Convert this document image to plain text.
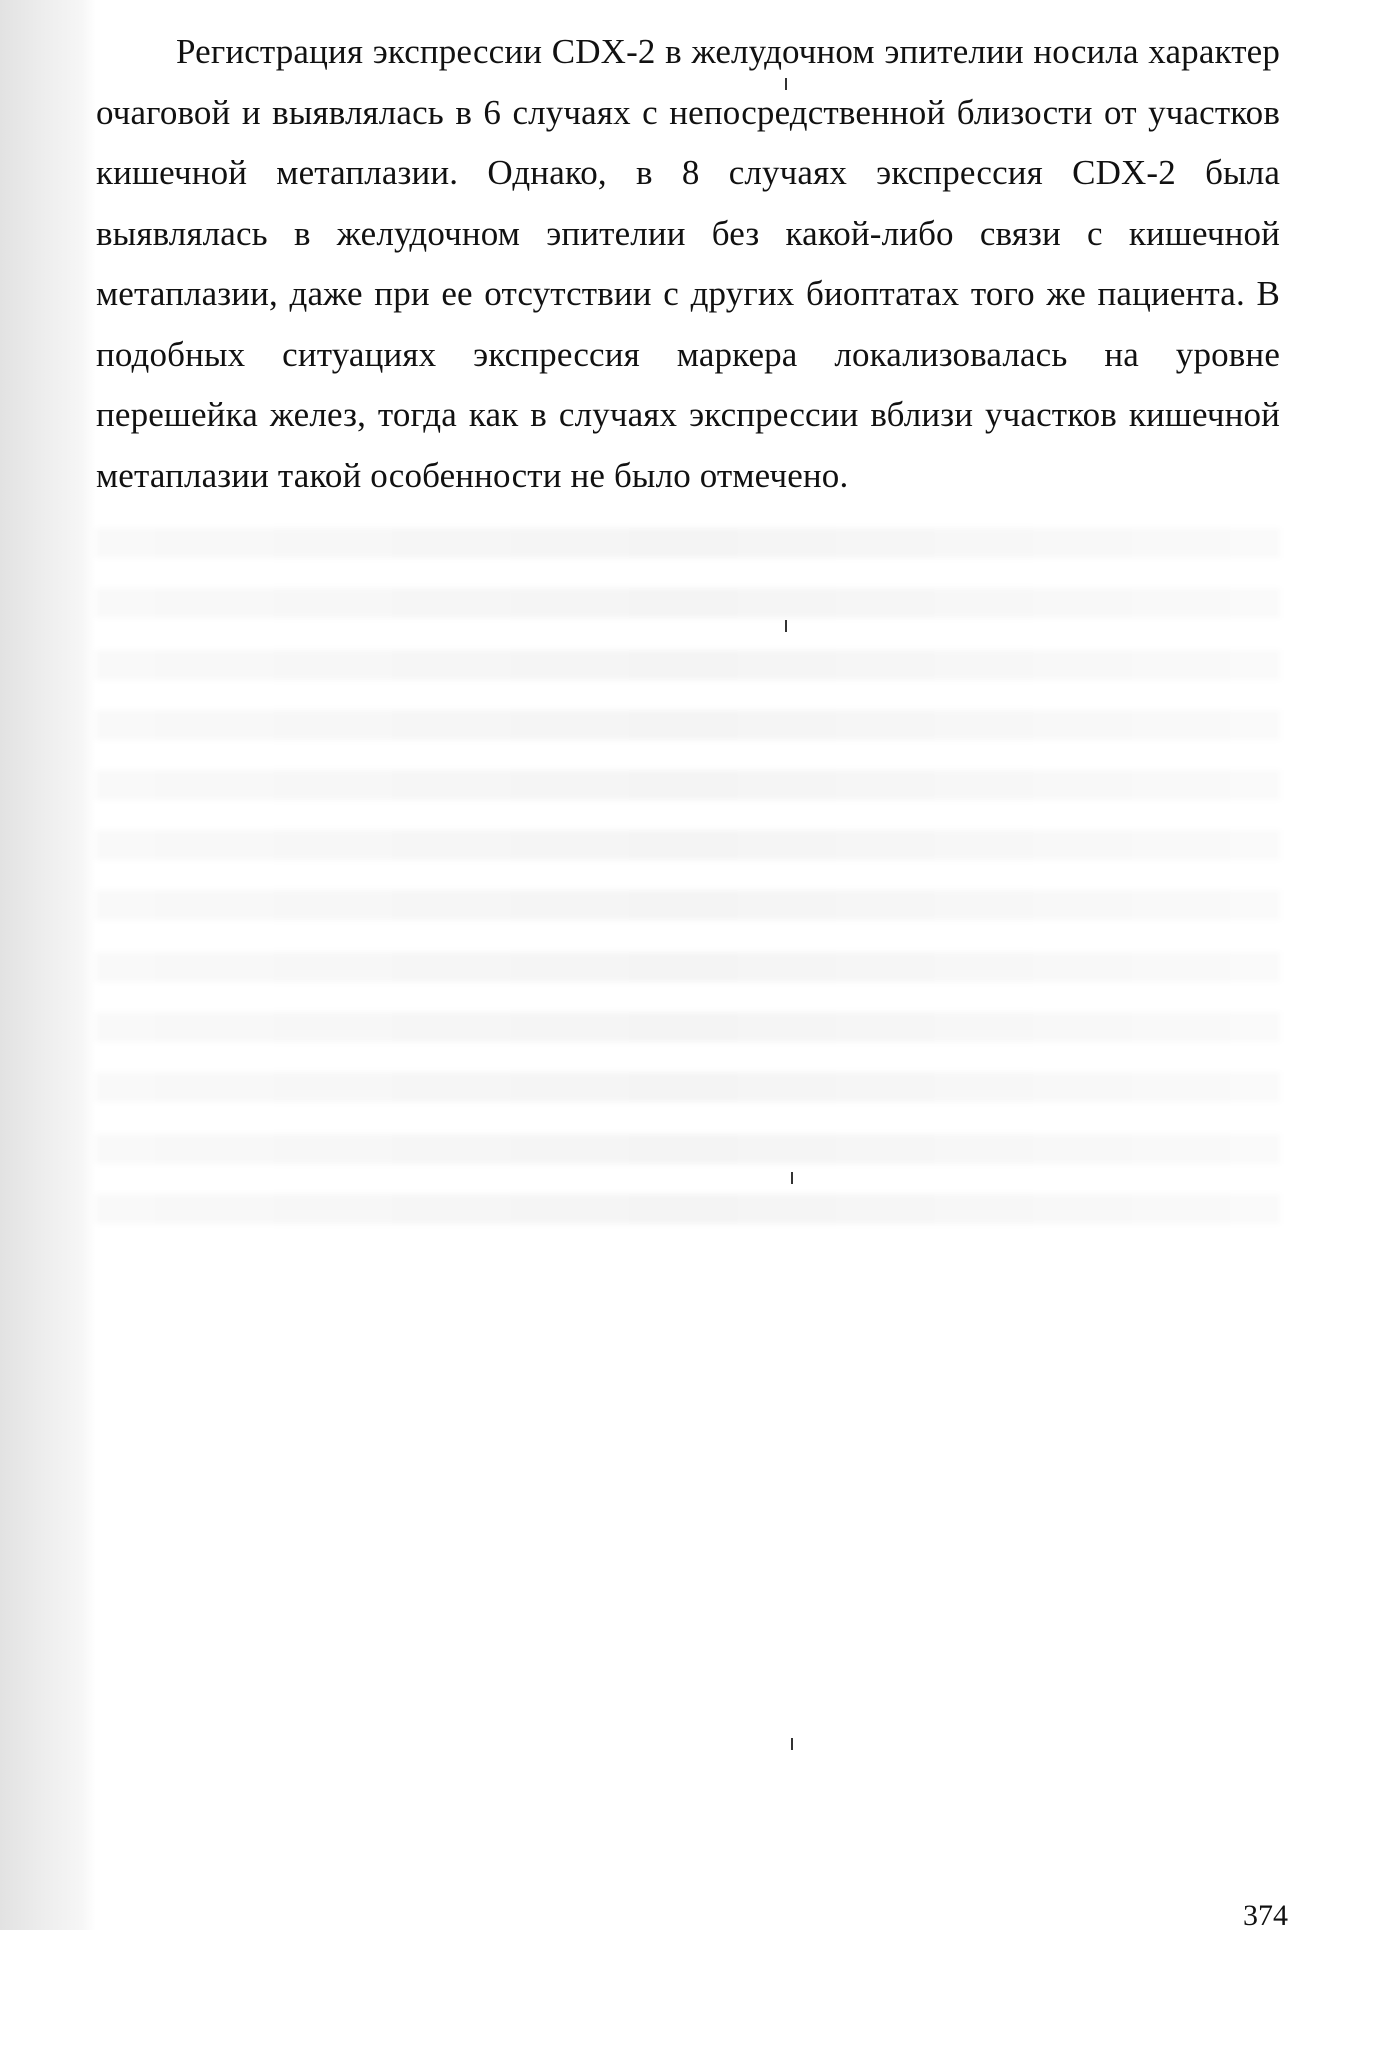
Регистрация экспрессии CDX-2 в желудочном эпителии носила характер очаговой и выявлялась в 6 случаях с непосредственной близости от участков кишечной метаплазии. Однако, в 8 случаях экспрессия CDX-2 была выявлялась в желудочном эпителии без какой-либо связи с кишечной метаплазии, даже при ее отсутствии с других биоптатах того же пациента. В подобных ситуациях экспрессия маркера локализовалась на уровне перешейка желез, тогда как в случаях экспрессии вблизи участков кишечной метаплазии такой особенности не было отмечено.

374
